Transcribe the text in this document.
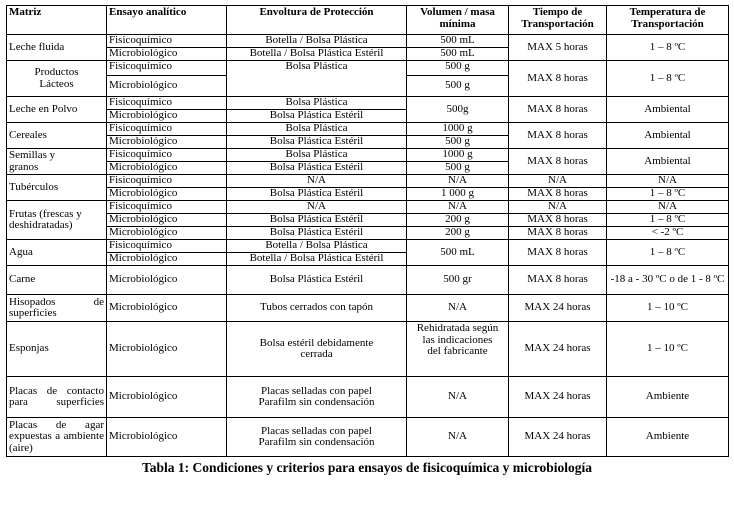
Matriz	Ensayo analítico	Envoltura de Protección	Volumen / masa mínima	Tiempo de Transportación	Temperatura de Transportación
Leche fluida	Fisicoquímico	Botella / Bolsa Plástica	500 mL	MAX 5 horas	1 – 8 ºC
	Microbiológico	Botella / Bolsa Plástica Estéril	500 mL		
Productos Lácteos	Fisicoquímico	Bolsa Plástica	500 g	MAX 8 horas	1 – 8 ºC
	Microbiológico		500 g		
Leche en Polvo	Fisicoquímico	Bolsa Plástica	500g	MAX 8 horas	Ambiental
	Microbiológico	Bolsa Plástica Estéril			
Cereales	Fisicoquímico	Bolsa Plástica	1000 g	MAX 8 horas	Ambiental
	Microbiológico	Bolsa Plástica Estéril	500 g		
Semillas y granos	Fisicoquímico	Bolsa Plástica	1000 g	MAX 8 horas	Ambiental
	Microbiológico	Bolsa Plástica Estéril	500 g		
Tubérculos	Fisicoquímico	N/A	N/A	N/A	N/A
	Microbiológico	Bolsa Plástica Estéril	1 000 g	MAX 8 horas	1 – 8 ºC
Frutas (frescas y deshidratadas)	Fisicoquímico	N/A	N/A	N/A	N/A
	Microbiológico	Bolsa Plástica Estéril	200 g	MAX 8 horas	1 – 8 ºC
	Microbiológico	Bolsa Plástica Estéril	200 g	MAX 8 horas	< -2 ºC
Agua	Fisicoquímico	Botella / Bolsa Plástica	500 mL	MAX 8 horas	1 – 8 ºC
	Microbiológico	Botella / Bolsa Plástica Estéril			
Carne	Microbiológico	Bolsa Plástica Estéril	500 gr	MAX 8 horas	-18 a - 30 ºC o de 1 - 8 ºC
Hisopados de superficies	Microbiológico	Tubos cerrados con tapón	N/A	MAX 24 horas	1 – 10 ºC
Esponjas	Microbiológico	Bolsa estéril debidamente cerrada	Rehidratada según las indicaciones del fabricante	MAX 24 horas	1 – 10 ºC
Placas de contacto para superficies	Microbiológico	Placas selladas con papel Parafilm sin condensación	N/A	MAX 24 horas	Ambiente
Placas de agar expuestas a ambiente (aire)	Microbiológico	Placas selladas con papel Parafilm sin condensación	N/A	MAX 24 horas	Ambiente
Tabla 1: Condiciones y criterios para ensayos de fisicoquímica y microbiología
